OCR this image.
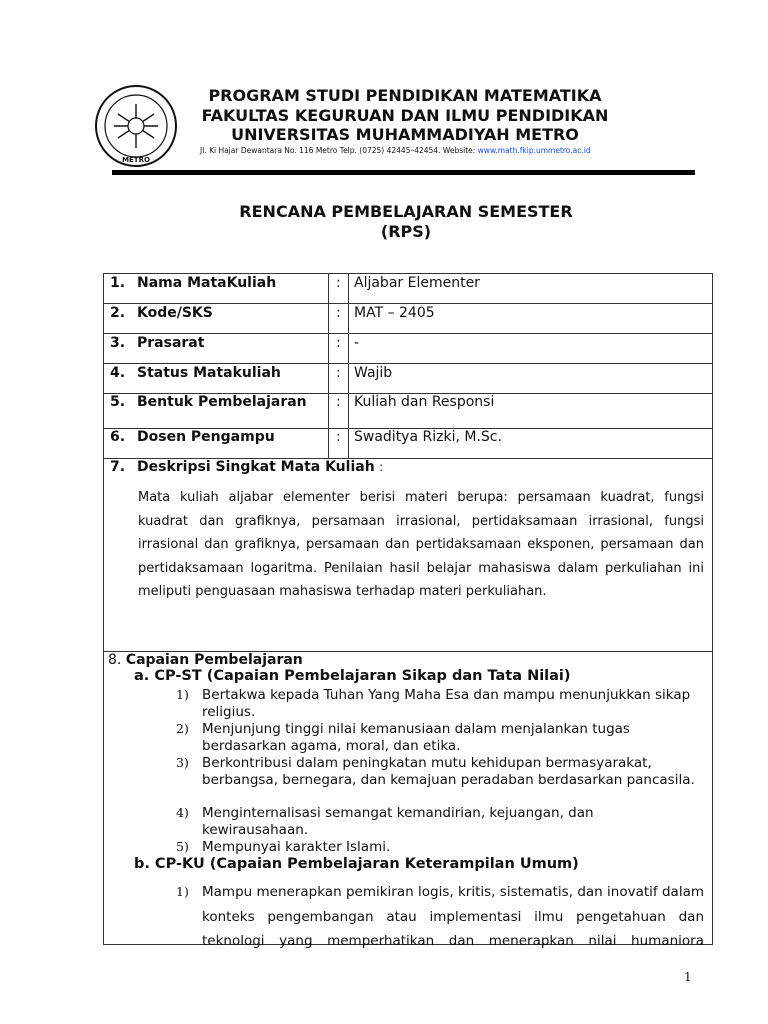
METRO
PROGRAM STUDI PENDIDIKAN MATEMATIKA
FAKULTAS KEGURUAN DAN ILMU PENDIDIKAN
UNIVERSITAS MUHAMMADIYAH METRO
Jl. Ki Hajar Dewantara No. 116 Metro Telp. (0725) 42445–42454. Website: www.math.fkip.ummetro.ac.id
RENCANA PEMBELAJARAN SEMESTER
(RPS)
1. Nama MataKuliah	: Aljabar Elementer
2. Kode/SKS	: MAT – 2405
3. Prasarat	: -
4. Status Matakuliah	: Wajib
5. Bentuk Pembelajaran	: Kuliah dan Responsi
6. Dosen Pengampu	: Swaditya Rizki, M.Sc.
7. Deskripsi Singkat Mata Kuliah :
Mata kuliah aljabar elementer berisi materi berupa: persamaan kuadrat, fungsi kuadrat dan grafiknya, persamaan irrasional, pertidaksamaan irrasional, fungsi irrasional dan grafiknya, persamaan dan pertidaksamaan eksponen, persamaan dan pertidaksamaan logaritma. Penilaian hasil belajar mahasiswa dalam perkuliahan ini meliputi penguasaan mahasiswa terhadap materi perkuliahan.
8. Capaian Pembelajaran
a. CP-ST (Capaian Pembelajaran Sikap dan Tata Nilai)
1) Bertakwa kepada Tuhan Yang Maha Esa dan mampu menunjukkan sikap religius.
2) Menjunjung tinggi nilai kemanusiaan dalam menjalankan tugas berdasarkan agama, moral, dan etika.
3) Berkontribusi dalam peningkatan mutu kehidupan bermasyarakat, berbangsa, bernegara, dan kemajuan peradaban berdasarkan pancasila.
4) Menginternalisasi semangat kemandirian, kejuangan, dan kewirausahaan.
5) Mempunyai karakter Islami.
b. CP-KU (Capaian Pembelajaran Keterampilan Umum)
1) Mampu menerapkan pemikiran logis, kritis, sistematis, dan inovatif dalam konteks pengembangan atau implementasi ilmu pengetahuan dan teknologi yang memperhatikan dan menerapkan nilai humaniora
1
